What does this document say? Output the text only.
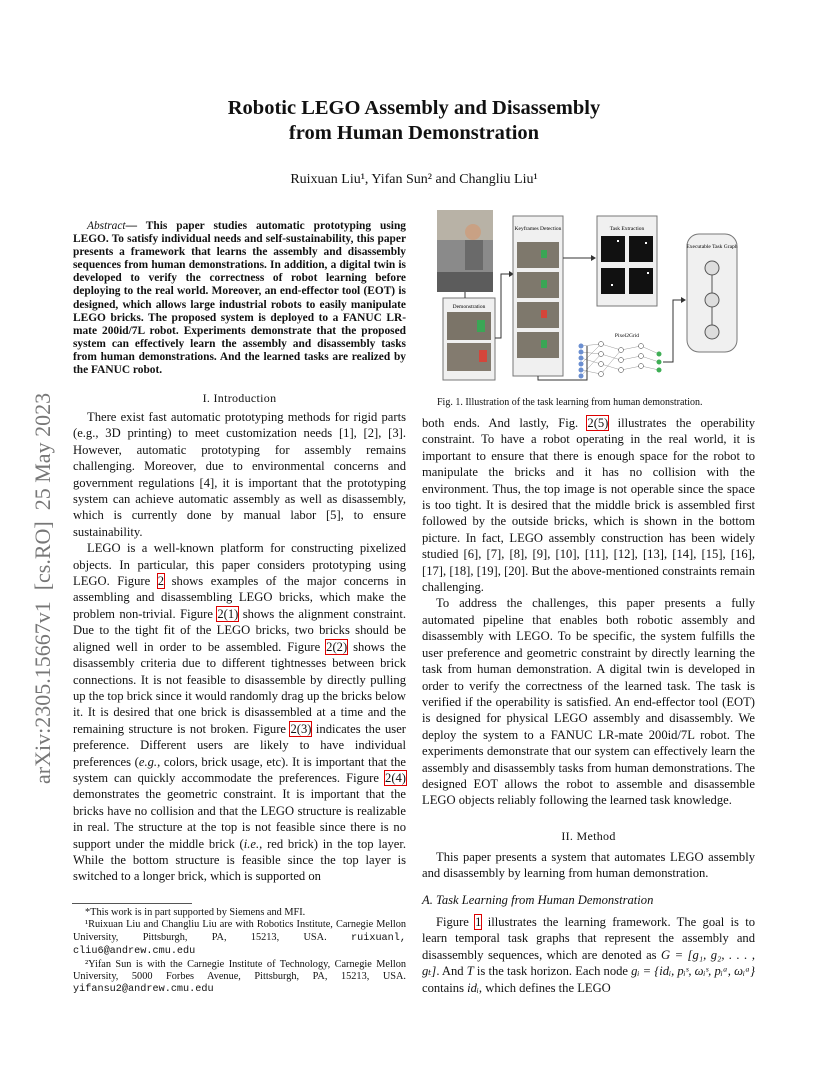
Robotic LEGO Assembly and Disassembly
from Human Demonstration
Ruixuan Liu¹, Yifan Sun² and Changliu Liu¹
arXiv:2305.15667v1  [cs.RO]  25 May 2023

Abstract— This paper studies automatic prototyping using LEGO. To satisfy individual needs and self-sustainability, this paper presents a framework that learns the assembly and disassembly sequences from human demonstrations. In addition, a digital twin is developed to verify the correctness of robot learning before deploying to the real world. Moreover, an end-effector tool (EOT) is designed, which allows large industrial robots to easily manipulate LEGO bricks. The proposed system is deployed to a FANUC LR-mate 200id/7L robot. Experiments demonstrate that the proposed system can effectively learn the assembly and disassembly tasks from human demonstrations. And the learned tasks are realized by the FANUC robot.

I. Introduction

There exist fast automatic prototyping methods for rigid parts (e.g., 3D printing) to meet customization needs [1], [2], [3]. However, automatic prototyping for assembly remains challenging. Moreover, due to environmental concerns and government regulations [4], it is important that the prototyping system can achieve automatic assembly as well as disassembly, which is currently done by manual labor [5], to ensure sustainability.

LEGO is a well-known platform for constructing pixelized objects. In particular, this paper considers prototyping using LEGO. Figure 2 shows examples of the major concerns in assembling and disassembling LEGO bricks, which make the problem non-trivial. Figure 2(1) shows the alignment constraint. Due to the tight fit of the LEGO bricks, two bricks should be aligned well in order to be assembled. Figure 2(2) shows the disassembly criteria due to different tightnesses between brick connections. It is not feasible to disassemble by directly pulling up the top brick since it would randomly drag up the bricks below it. It is desired that one brick is disassembled at a time and the remaining structure is not broken. Figure 2(3) indicates the user preference. Different users are likely to have individual preferences (e.g., colors, brick usage, etc). It is important that the system can quickly accommodate the preferences. Figure 2(4) demonstrates the geometric constraint. It is important that the bricks have no collision and that the LEGO structure is realizable in real. The structure at the top is not feasible since there is no support under the middle brick (i.e., red brick) in the top layer. While the bottom structure is feasible since the top layer is switched to a longer brick, which is supported on

*This work is in part supported by Siemens and MFI.

¹Ruixuan Liu and Changliu Liu are with Robotics Institute, Carnegie Mellon University, Pittsburgh, PA, 15213, USA. ruixuanl, cliu6@andrew.cmu.edu

²Yifan Sun is with the Carnegie Institute of Technology, Carnegie Mellon University, 5000 Forbes Avenue, Pittsburgh, PA, 15213, USA. yifansu2@andrew.cmu.edu

Demonstration
Keyframes Detection	Task Extraction
Pixel2Grid
Executable Task Graph
Fig. 1. Illustration of the task learning from human demonstration.

both ends. And lastly, Fig. 2(5) illustrates the operability constraint. To have a robot operating in the real world, it is important to ensure that there is enough space for the robot to manipulate the bricks and it has no collision with the environment. Thus, the top image is not operable since the space is too tight. It is desired that the middle brick is assembled first followed by the outside bricks, which is shown in the bottom picture. In fact, LEGO assembly construction has been widely studied [6], [7], [8], [9], [10], [11], [12], [13], [14], [15], [16], [17], [18], [19], [20]. But the above-mentioned constraints remain challenging.

To address the challenges, this paper presents a fully automated pipeline that enables both robotic assembly and disassembly with LEGO. To be specific, the system fulfills the user preference and geometric constraint by directly learning the task from human demonstration. A digital twin is developed in order to verify the correctness of the learned task. The task is verified if the operability is satisfied. An end-effector tool (EOT) is designed for physical LEGO assembly and disassembly. We deploy the system to a FANUC LR-mate 200id/7L robot. The experiments demonstrate that our system can effectively learn the assembly and disassembly tasks from human demonstrations. The designed EOT allows the robot to assemble and disassemble LEGO objects reliably following the learned task knowledge.

II. Method

This paper presents a system that automates LEGO assembly and disassembly by learning from human demonstration.

A. Task Learning from Human Demonstration

Figure 1 illustrates the learning framework. The goal is to learn temporal task graphs that represent the assembly and disassembly sequences, which are denoted as G = [g₁, g₂, . . . , gₜ]. And T is the task horizon. Each node gᵢ = {idᵢ, pᵢˢ, ωᵢˢ, pᵢᵃ, ωᵢᵃ} contains idᵢ, which defines the LEGO
